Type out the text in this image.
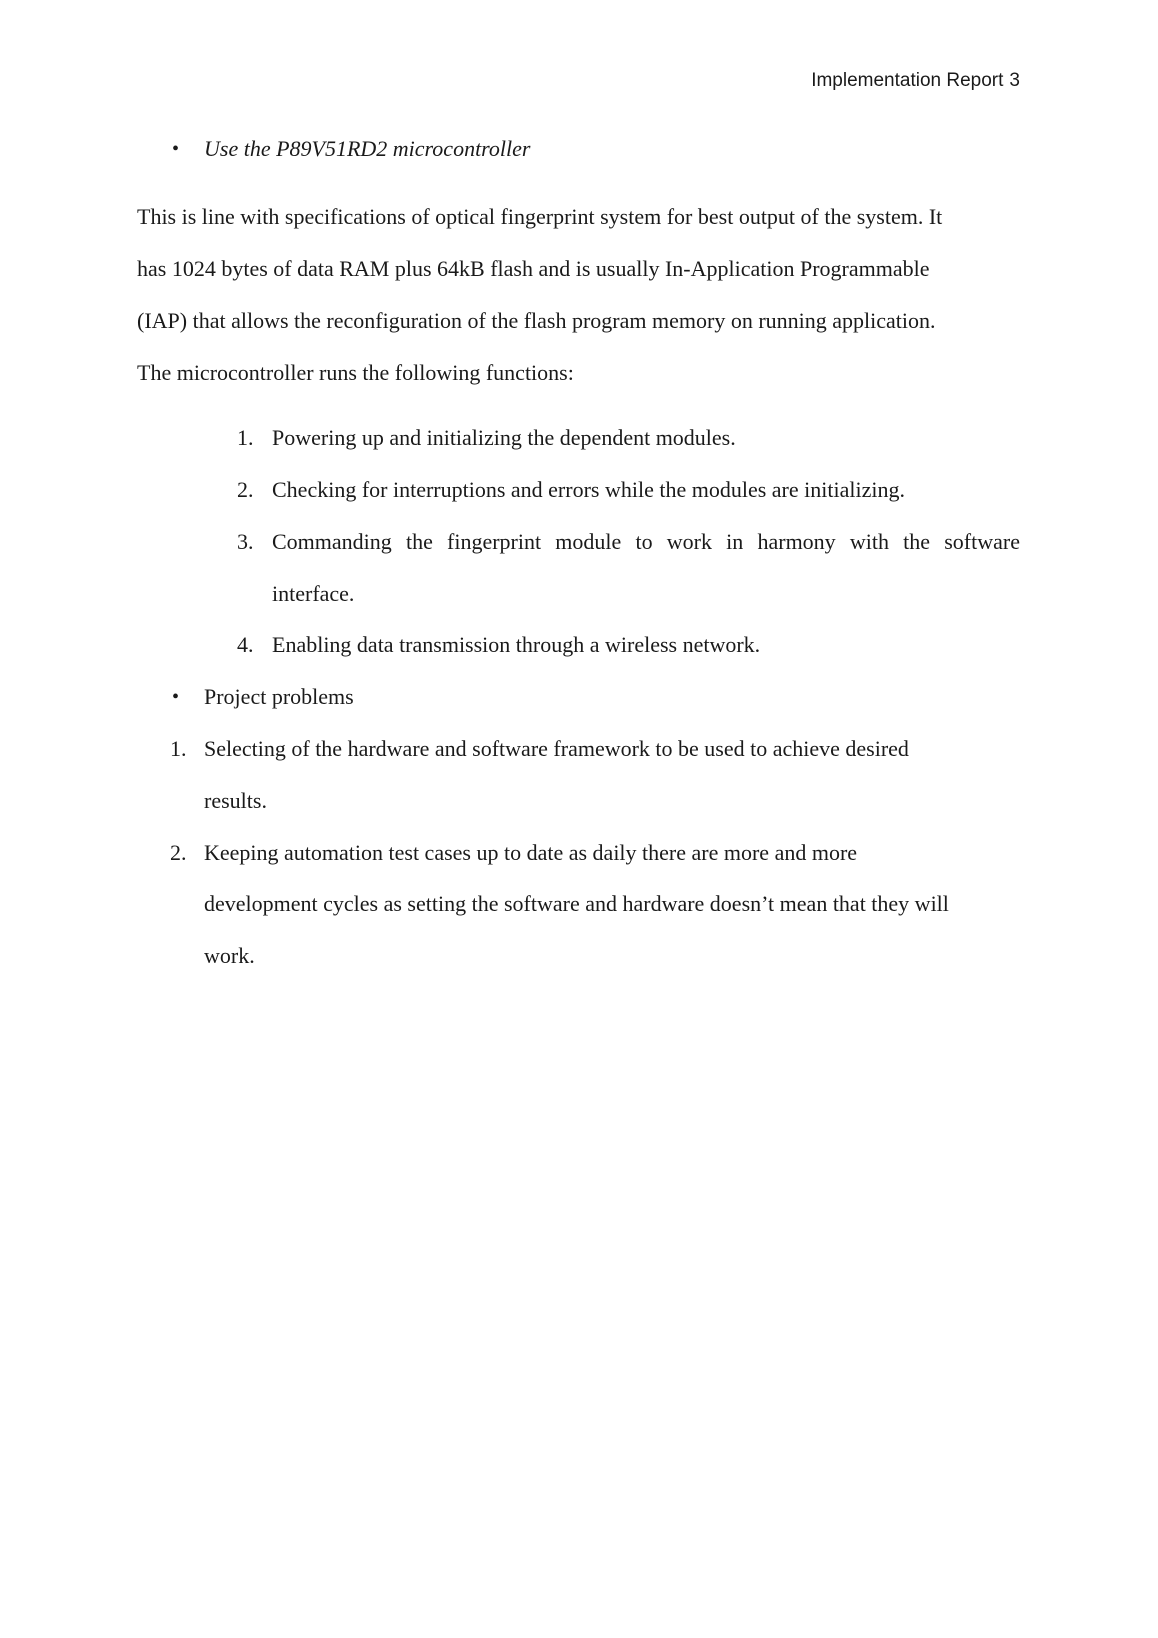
Implementation Report 3
• Use the P89V51RD2 microcontroller
This is line with specifications of optical fingerprint system for best output of the system. It
has 1024 bytes of data RAM plus 64kB flash and is usually In-Application Programmable
(IAP) that allows the reconfiguration of the flash program memory on running application.
The microcontroller runs the following functions:
1. Powering up and initializing the dependent modules.
2. Checking for interruptions and errors while the modules are initializing.
3. Commanding the fingerprint module to work in harmony with the software
interface.
4. Enabling data transmission through a wireless network.
• Project problems
1. Selecting of the hardware and software framework to be used to achieve desired
results.
2. Keeping automation test cases up to date as daily there are more and more
development cycles as setting the software and hardware doesn’t mean that they will
work.
